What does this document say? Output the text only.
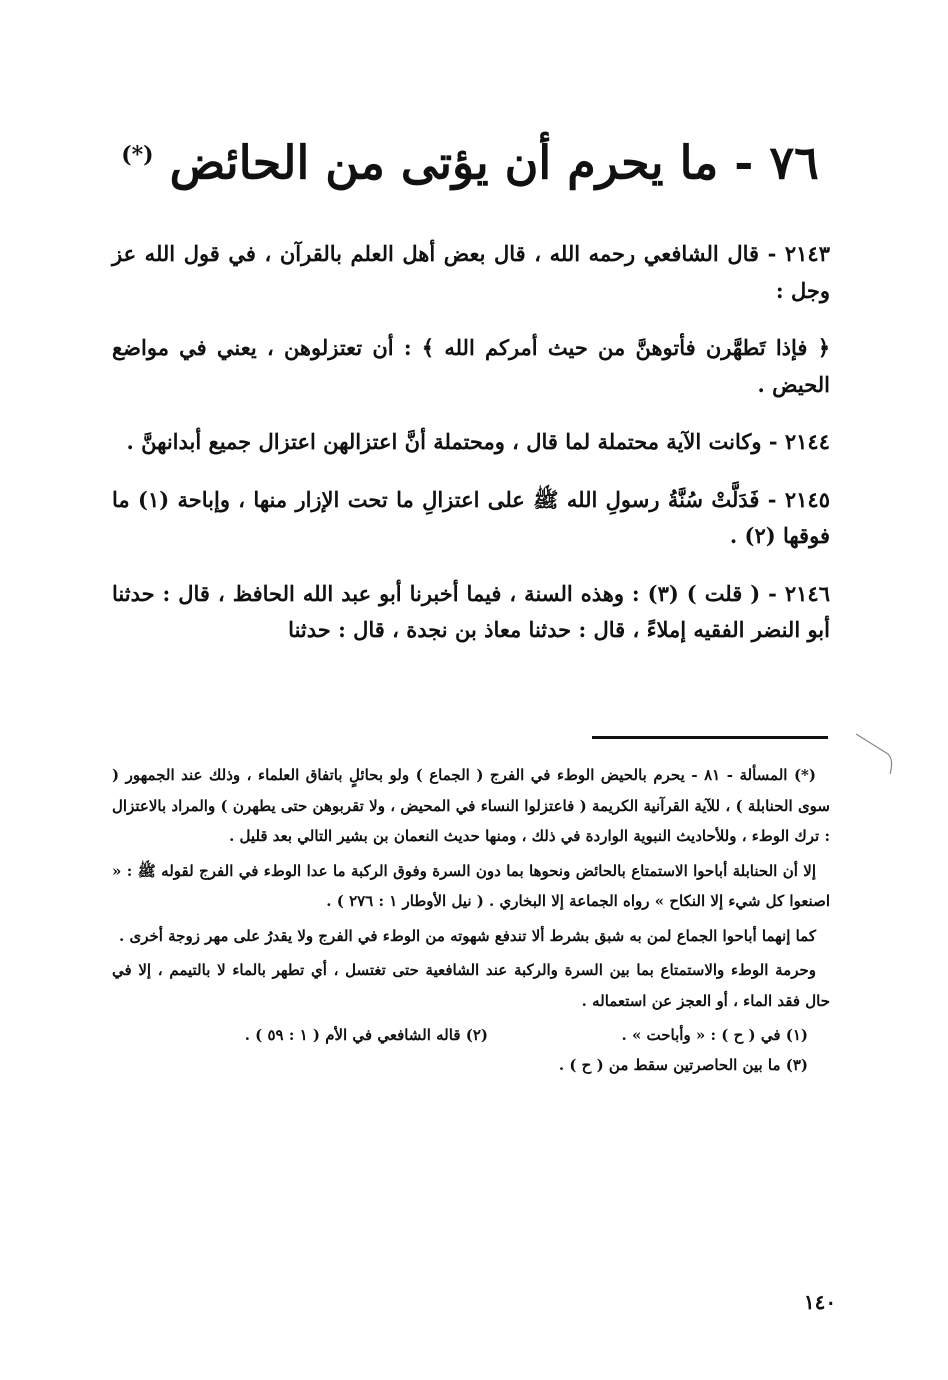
٧٦ - ما يحرم أن يؤتى من الحائض (*)

٢١٤٣ - قال الشافعي رحمه الله ، قال بعض أهل العلم بالقرآن ، في قول الله عز وجل :

﴿ فإذا تَطهَّرن فأتوهنَّ من حيث أمركم الله ﴾ : أن تعتزلوهن ، يعني في مواضع الحيض .

٢١٤٤ - وكانت الآية محتملة لما قال ، ومحتملة أنَّ اعتزالهن اعتزال جميع أبدانهنَّ .

٢١٤٥ - فَدَلَّتْ سُنَّةُ رسولِ الله ﷺ على اعتزالِ ما تحت الإزار منها ، وإباحة (١) ما فوقها (٢) .

٢١٤٦ - ( قلت ) (٣) : وهذه السنة ، فيما أخبرنا أبو عبد الله الحافظ ، قال : حدثنا أبو النضر الفقيه إملاءً ، قال : حدثنا معاذ بن نجدة ، قال : حدثنا

(*) المسألة - ٨١ - يحرم بالحيض الوطء في الفرج ( الجماع ) ولو بحائلٍ باتفاق العلماء ، وذلك عند الجمهور ( سوى الحنابلة ) ، للآية القرآنية الكريمة ( فاعتزلوا النساء في المحيض ، ولا تقربوهن حتى يطهرن ) والمراد بالاعتزال : ترك الوطء ، وللأحاديث النبوية الواردة في ذلك ، ومنها حديث النعمان بن بشير التالي بعد قليل .

إلا أن الحنابلة أباحوا الاستمتاع بالحائض ونحوها بما دون السرة وفوق الركبة ما عدا الوطء في الفرج لقوله ﷺ : « اصنعوا كل شيء إلا النكاح » رواه الجماعة إلا البخاري . ( نيل الأوطار ١ : ٢٧٦ ) .

كما إنهما أباحوا الجماع لمن به شبق بشرط ألا تندفع شهوته من الوطء في الفرج ولا يقدرُ على مهر زوجة أخرى .

وحرمة الوطء والاستمتاع بما بين السرة والركبة عند الشافعية حتى تغتسل ، أي تطهر بالماء لا بالتيمم ، إلا في حال فقد الماء ، أو العجز عن استعماله .

(١) في ( ح ) : « وأباحت » .
(٢) قاله الشافعي في الأم ( ١ : ٥٩ ) .
(٣) ما بين الحاصرتين سقط من ( ح ) .
١٤٠
